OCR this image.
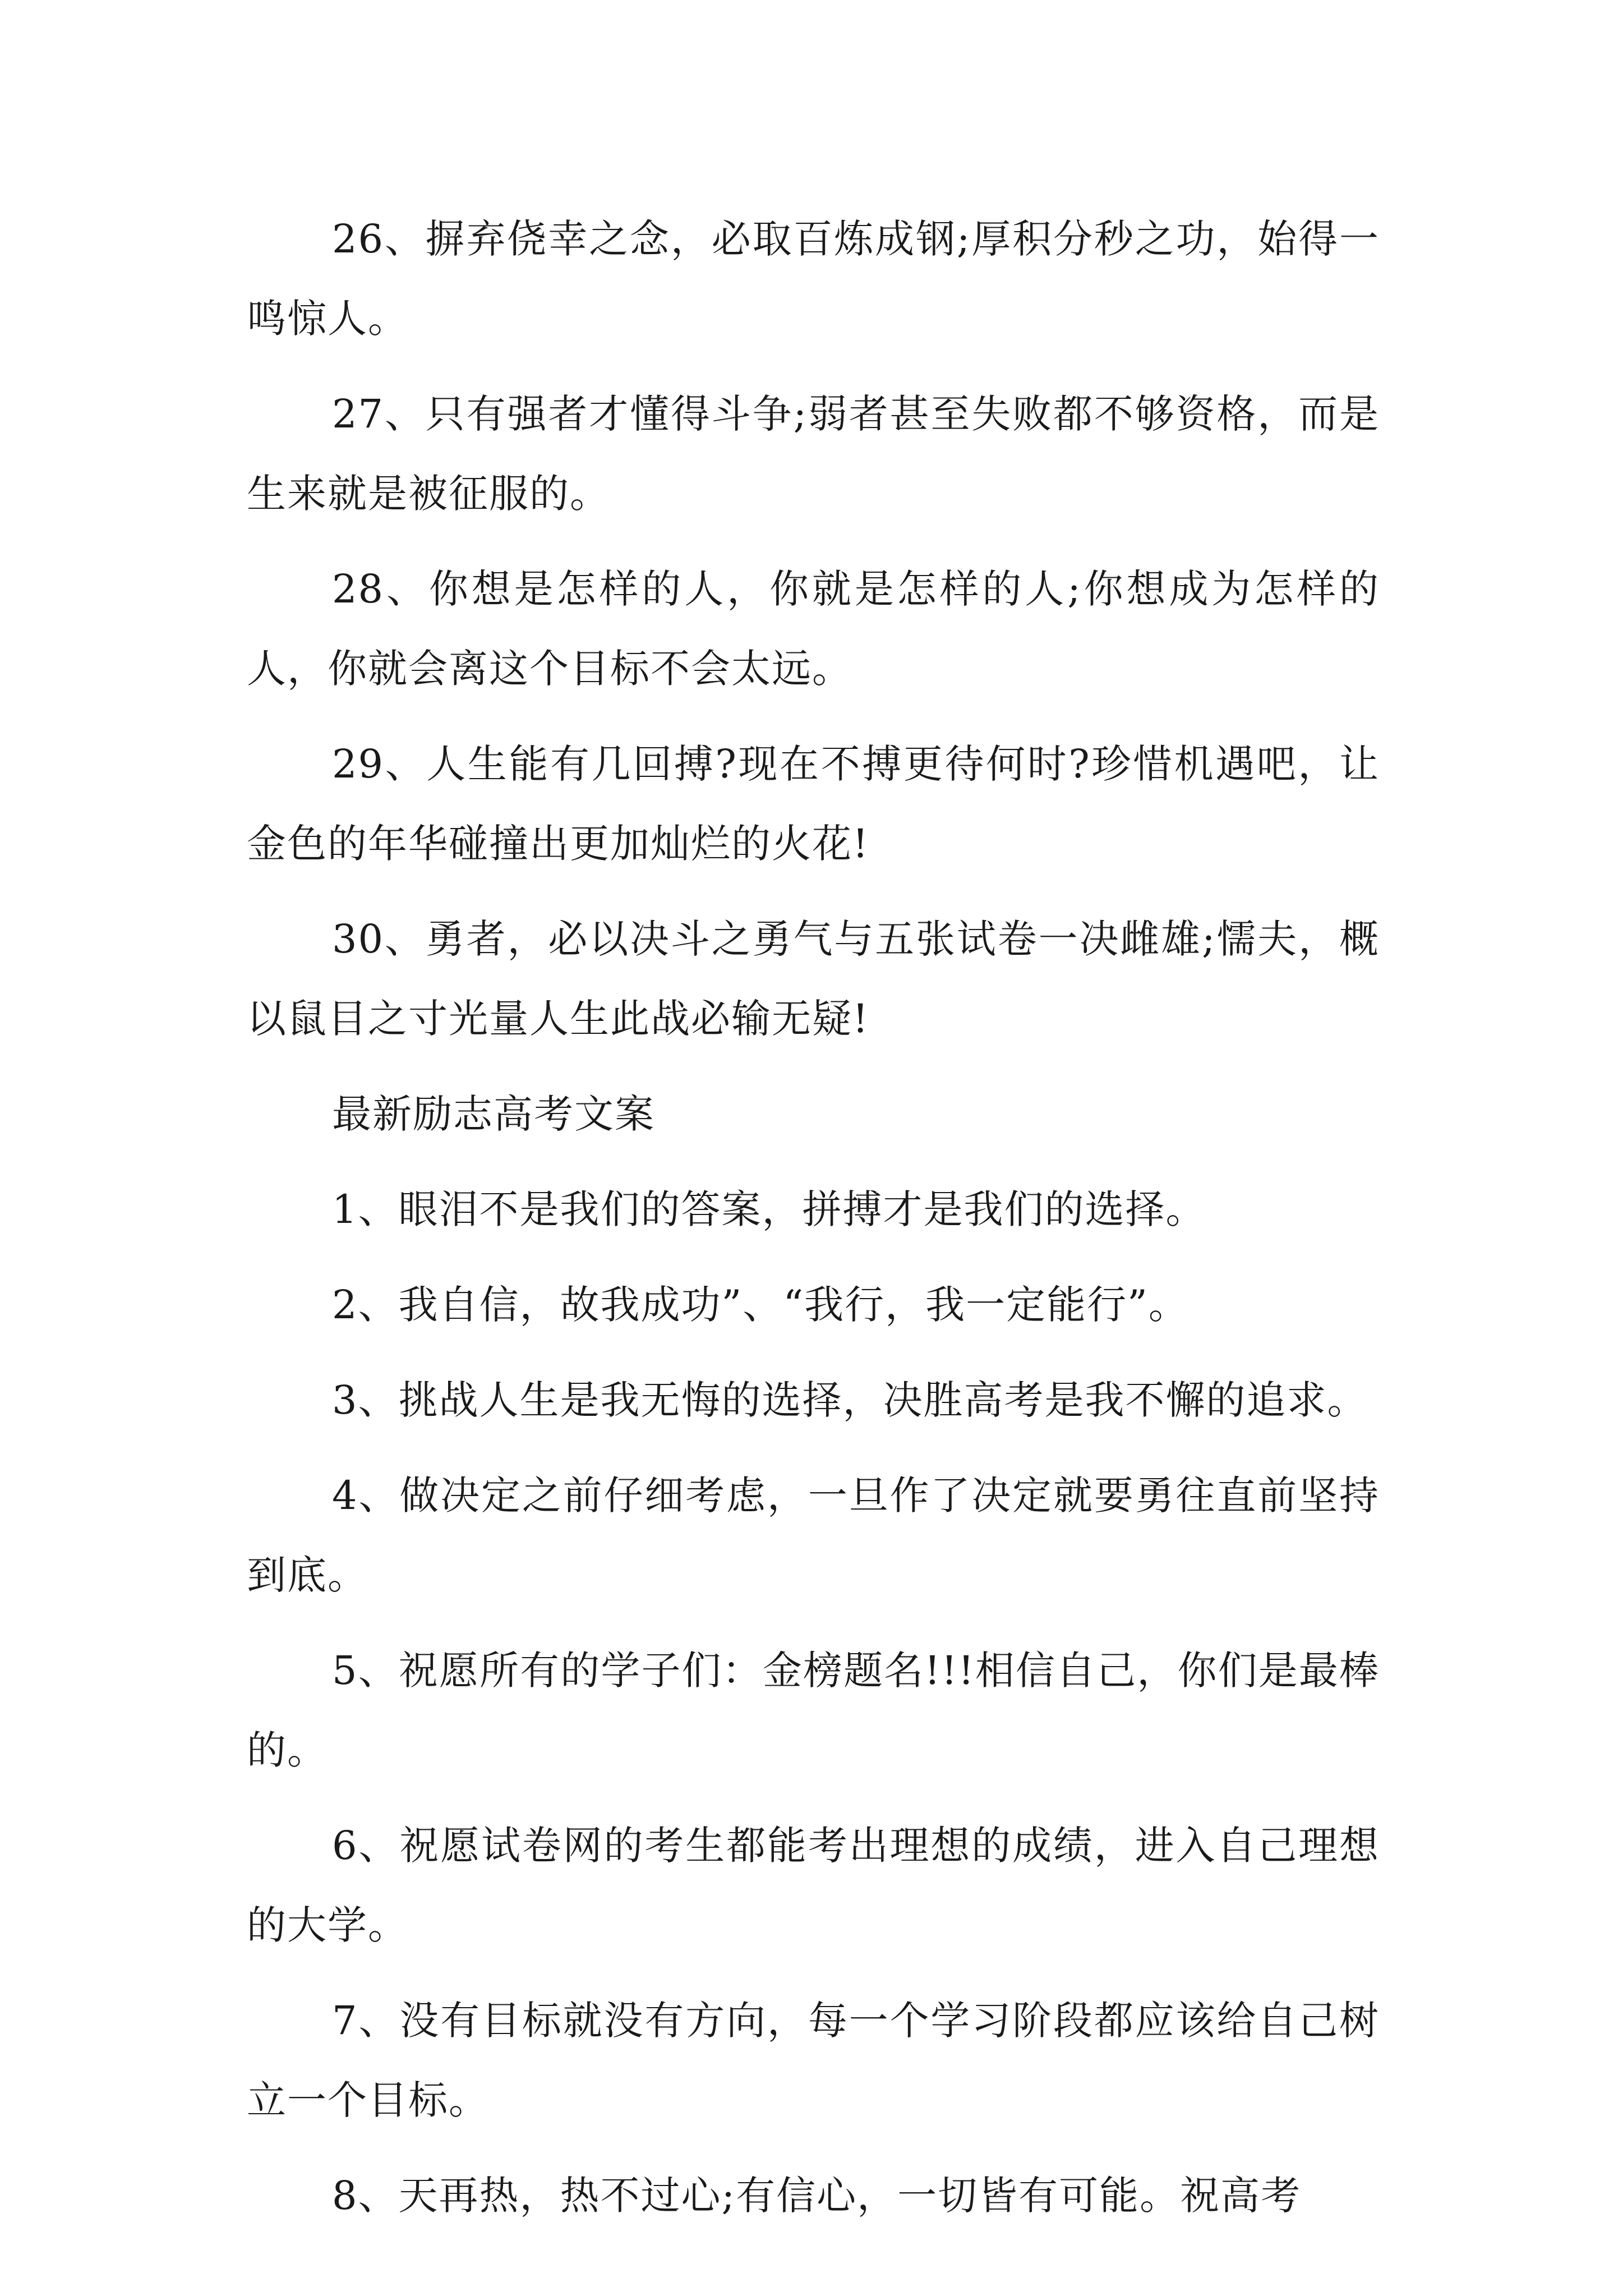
26、摒弃侥幸之念，必取百炼成钢;厚积分秒之功，始得一鸣惊人。

27、只有强者才懂得斗争;弱者甚至失败都不够资格，而是生来就是被征服的。

28、你想是怎样的人，你就是怎样的人;你想成为怎样的人，你就会离这个目标不会太远。

29、人生能有几回搏?现在不搏更待何时?珍惜机遇吧，让金色的年华碰撞出更加灿烂的火花!

30、勇者，必以决斗之勇气与五张试卷一决雌雄;懦夫，概以鼠目之寸光量人生此战必输无疑!

最新励志高考文案

1、眼泪不是我们的答案，拼搏才是我们的选择。

2、我自信，故我成功”、“我行，我一定能行”。

3、挑战人生是我无悔的选择，决胜高考是我不懈的追求。

4、做决定之前仔细考虑，一旦作了决定就要勇往直前坚持到底。

5、祝愿所有的学子们：金榜题名!!!相信自己，你们是最棒的。

6、祝愿试卷网的考生都能考出理想的成绩，进入自己理想的大学。

7、没有目标就没有方向，每一个学习阶段都应该给自己树立一个目标。

8、天再热，热不过心;有信心，一切皆有可能。祝高考
